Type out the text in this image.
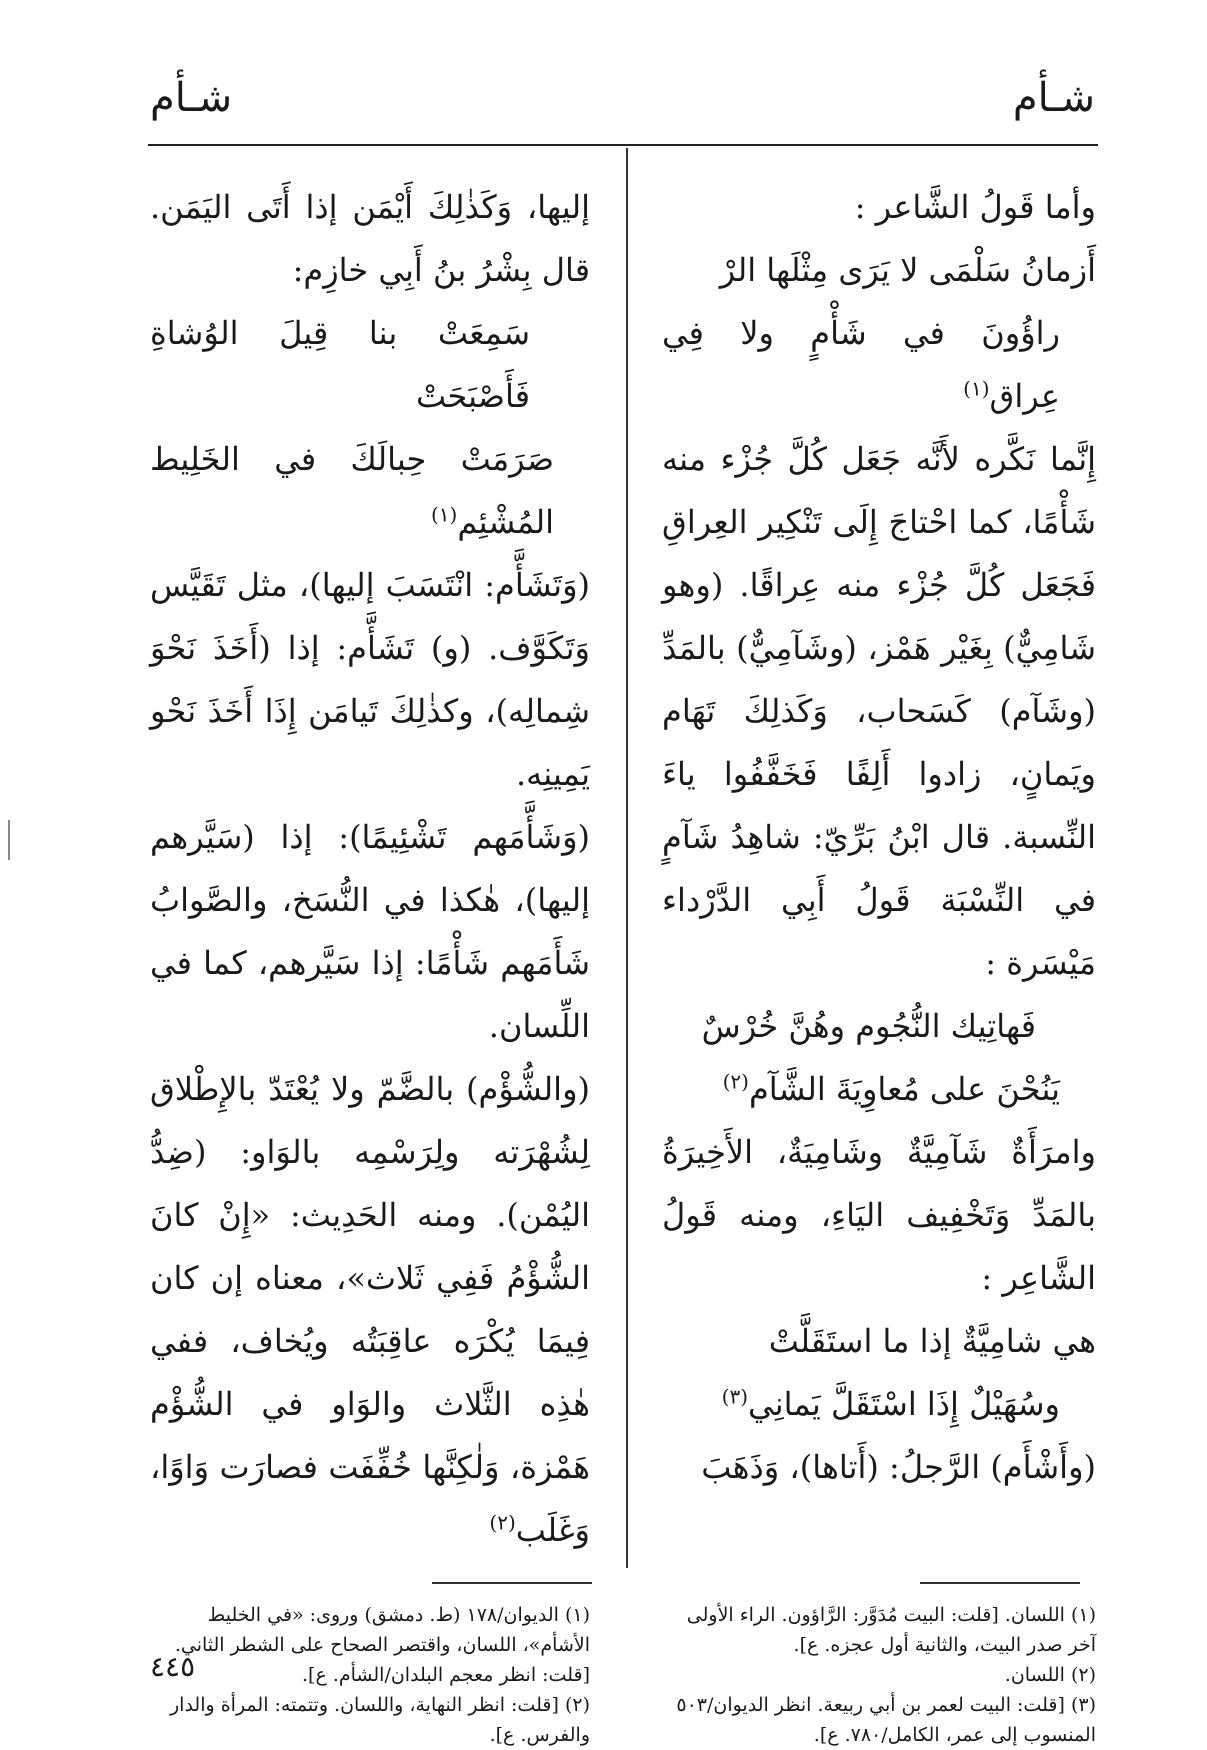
شـأم
شـأم

وأما قَولُ الشَّاعر :

أَزمانُ سَلْمَى لا يَرَى مِثْلَها الرْ

راؤُونَ في شَأْمٍ ولا فِي عِراق$^{(١)}$

إِنَّما نَكَّره لأَنَّه جَعَل كُلَّ جُزْء منه شَأْمًا، كما احْتاجَ إِلَى تَنْكِير العِراقِ فَجَعَل كُلَّ جُزْء منه عِراقًا. (وهو شَامِيٌّ) بِغَيْر هَمْز، (وشَآمِيٌّ) بالمَدِّ (وشَآم) كَسَحاب، وَكَذلِكَ تَهَام ويَمانٍ، زادوا أَلِفًا فَخَفَّفُوا ياءَ النِّسبة. قال ابْنُ بَرِّيّ: شاهِدُ شَآمٍ في النِّسْبَة قَولُ أَبِي الدَّرْداء مَيْسَرة :

فَهاتِيك النُّجُوم وهُنَّ خُرْسٌ

يَنُحْنَ على مُعاوِيَةَ الشَّآم$^{(٢)}$

وامرَأَةٌ شَآمِيَّةٌ وشَامِيَةٌ، الأَخِيرَةُ بالمَدِّ وَتَخْفِيف اليَاءِ، ومنه قَولُ الشَّاعِر :

هي شامِيَّةٌ إذا ما استَقَلَّتْ

وسُهَيْلٌ إِذَا اسْتَقَلَّ يَمانِي$^{(٣)}$

(وأَشْأَم) الرَّجلُ: (أَتاها)، وَذَهَبَ

إليها، وَكَذٰلِكَ أَيْمَن إذا أَتَى اليَمَن. قال بِشْرُ بنُ أَبِي خازِم:

سَمِعَتْ بنا قِيلَ الوُشاةِ فَأَصْبَحَتْ

صَرَمَتْ حِبالَكَ في الخَلِيط المُشْئِم$^{(١)}$

(وَتَشَأَّم: انْتَسَبَ إليها)، مثل تَقَيَّس وَتَكَوَّف. (و) تَشَأَّم: إذا (أَخَذَ نَحْوَ شِمالِه)، وكذٰلِكَ تَيامَن إِذَا أَخَذَ نَحْو يَمِينِه.

(وَشَأَّمَهم تَشْئِيمًا): إذا (سَيَّرهم إليها)، هٰكذا في النُّسَخ، والصَّوابُ شَأَمَهم شَأْمًا: إذا سَيَّرهم، كما في اللِّسان.

(والشُّؤْم) بالضَّمّ ولا يُعْتَدّ بالإِطْلاق لِشُهْرَته ولِرَسْمِه بالوَاو: (ضِدُّ اليُمْن). ومنه الحَدِيث: «إِنْ كانَ الشُّؤْمُ فَفِي ثَلاث»، معناه إن كان فِيمَا يُكْرَه عاقِبَتُه ويُخاف، ففي هٰذِه الثَّلاث والوَاو في الشُّؤْم هَمْزة، وَلٰكِنَّها خُفِّفَت فصارَت وَاوًا، وَغَلَب$^{(٢)}$

(١) اللسان. [قلت: البيت مُدَوَّر: الرَّاؤون. الراء الأولى آخر صدر البيت، والثانية أول عجزه. ع].

(٢) اللسان.

(٣) [قلت: البيت لعمر بن أبي ربيعة. انظر الديوان/٥٠٣ المنسوب إلى عمر، الكامل/٧٨٠. ع].

(١) الديوان/١٧٨ (ط. دمشق) وروى: «في الخليط الأشأم»، اللسان، واقتصر الصحاح على الشطر الثاني. [قلت: انظر معجم البلدان/الشأم. ع].

(٢) [قلت: انظر النهاية، واللسان. وتتمته: المرأة والدار والفرس. ع].

٤٤٥
